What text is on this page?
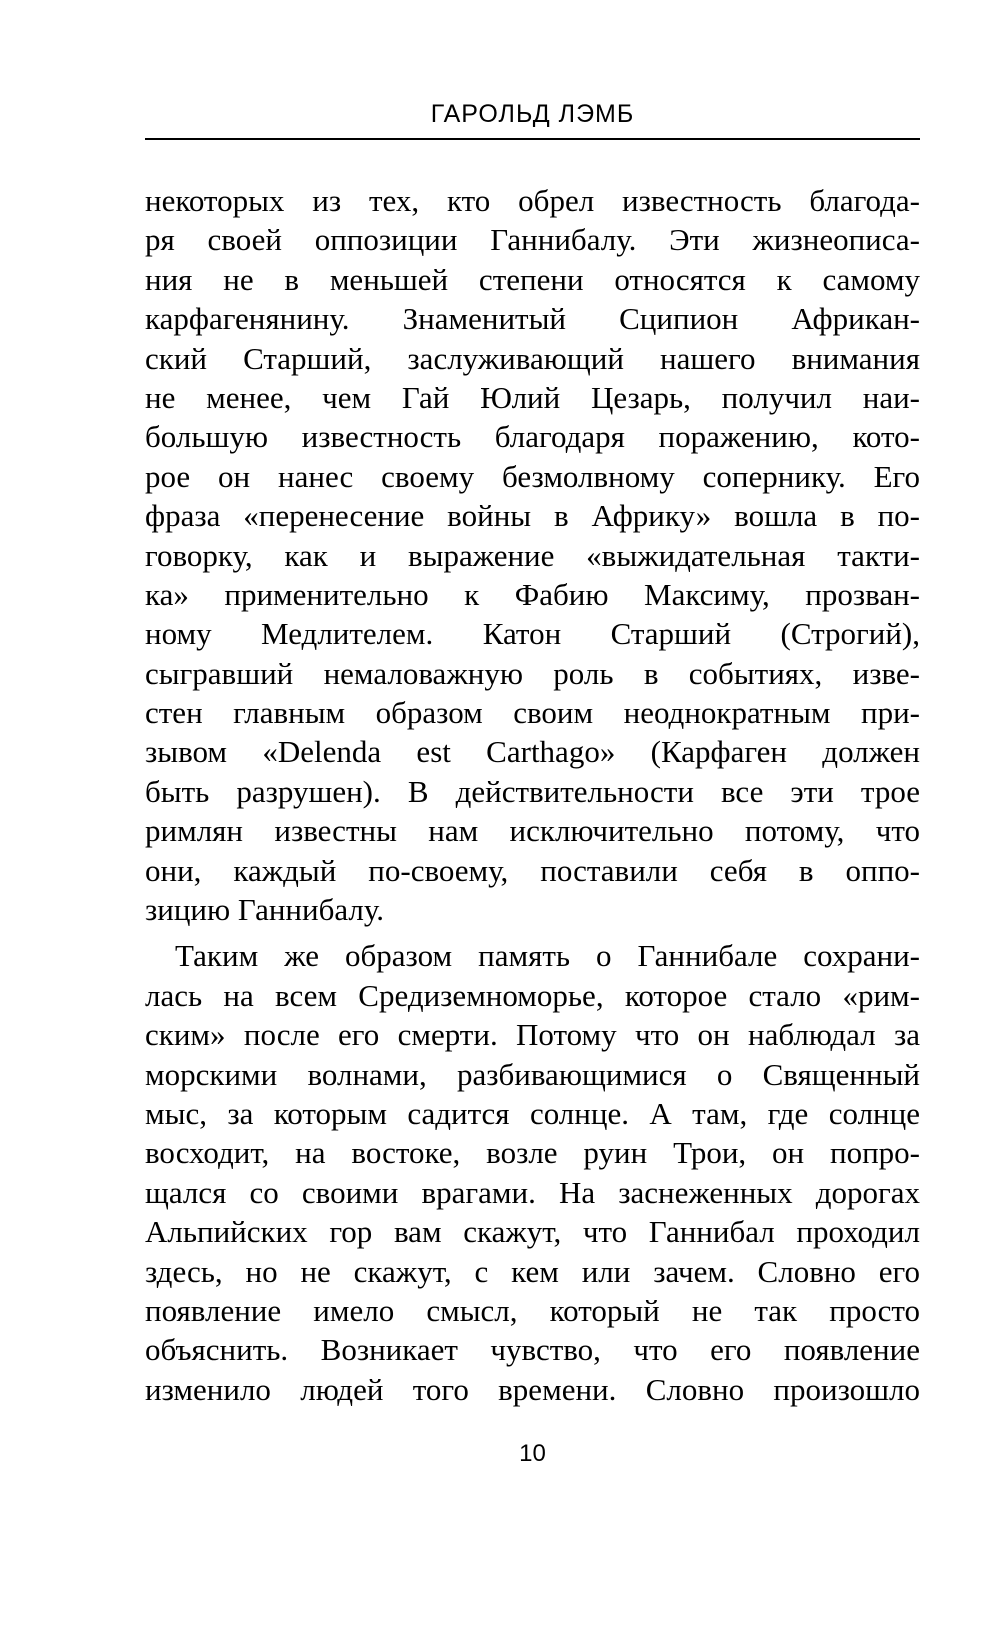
ГАРОЛЬД ЛЭМБ
некоторых из тех, кто обрел известность благода-
ря своей оппозиции Ганнибалу. Эти жизнеописа-
ния не в меньшей степени относятся к самому
карфагенянину. Знаменитый Сципион Африкан-
ский Старший, заслуживающий нашего внимания
не менее, чем Гай Юлий Цезарь, получил наи-
большую известность благодаря поражению, кото-
рое он нанес своему безмолвному сопернику. Его
фраза «перенесение войны в Африку» вошла в по-
говорку, как и выражение «выжидательная такти-
ка» применительно к Фабию Максиму, прозван-
ному Медлителем. Катон Старший (Строгий),
сыгравший немаловажную роль в событиях, изве-
стен главным образом своим неоднократным при-
зывом «Delenda est Carthago» (Карфаген должен
быть разрушен). В действительности все эти трое
римлян известны нам исключительно потому, что
они, каждый по-своему, поставили себя в оппо-
зицию Ганнибалу.
Таким же образом память о Ганнибале сохрани-
лась на всем Средиземноморье, которое стало «рим-
ским» после его смерти. Потому что он наблюдал за
морскими волнами, разбивающимися о Священный
мыс, за которым садится солнце. А там, где солнце
восходит, на востоке, возле руин Трои, он попро-
щался со своими врагами. На заснеженных дорогах
Альпийских гор вам скажут, что Ганнибал проходил
здесь, но не скажут, с кем или зачем. Словно его
появление имело смысл, который не так просто
объяснить. Возникает чувство, что его появление
изменило людей того времени. Словно произошло
10
